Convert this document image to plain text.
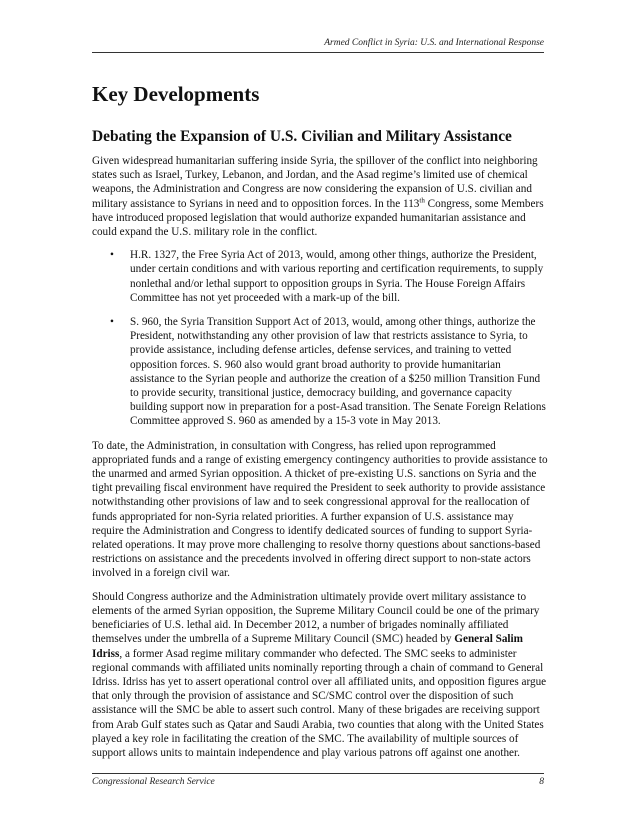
Armed Conflict in Syria: U.S. and International Response
Key Developments
Debating the Expansion of U.S. Civilian and Military Assistance

Given widespread humanitarian suffering inside Syria, the spillover of the conflict into neighboring states such as Israel, Turkey, Lebanon, and Jordan, and the Asad regime’s limited use of chemical weapons, the Administration and Congress are now considering the expansion of U.S. civilian and military assistance to Syrians in need and to opposition forces. In the 113th Congress, some Members have introduced proposed legislation that would authorize expanded humanitarian assistance and could expand the U.S. military role in the conflict.

• H.R. 1327, the Free Syria Act of 2013, would, among other things, authorize the President, under certain conditions and with various reporting and certification requirements, to supply nonlethal and/or lethal support to opposition groups in Syria. The House Foreign Affairs Committee has not yet proceeded with a mark-up of the bill.
• S. 960, the Syria Transition Support Act of 2013, would, among other things, authorize the President, notwithstanding any other provision of law that restricts assistance to Syria, to provide assistance, including defense articles, defense services, and training to vetted opposition forces. S. 960 also would grant broad authority to provide humanitarian assistance to the Syrian people and authorize the creation of a $250 million Transition Fund to provide security, transitional justice, democracy building, and governance capacity building support now in preparation for a post-Asad transition. The Senate Foreign Relations Committee approved S. 960 as amended by a 15-3 vote in May 2013.

To date, the Administration, in consultation with Congress, has relied upon reprogrammed appropriated funds and a range of existing emergency contingency authorities to provide assistance to the unarmed and armed Syrian opposition. A thicket of pre-existing U.S. sanctions on Syria and the tight prevailing fiscal environment have required the President to seek authority to provide assistance notwithstanding other provisions of law and to seek congressional approval for the reallocation of funds appropriated for non-Syria related priorities. A further expansion of U.S. assistance may require the Administration and Congress to identify dedicated sources of funding to support Syria-related operations. It may prove more challenging to resolve thorny questions about sanctions-based restrictions on assistance and the precedents involved in offering direct support to non-state actors involved in a foreign civil war.

Should Congress authorize and the Administration ultimately provide overt military assistance to elements of the armed Syrian opposition, the Supreme Military Council could be one of the primary beneficiaries of U.S. lethal aid. In December 2012, a number of brigades nominally affiliated themselves under the umbrella of a Supreme Military Council (SMC) headed by General Salim Idriss, a former Asad regime military commander who defected. The SMC seeks to administer regional commands with affiliated units nominally reporting through a chain of command to General Idriss. Idriss has yet to assert operational control over all affiliated units, and opposition figures argue that only through the provision of assistance and SC/SMC control over the disposition of such assistance will the SMC be able to assert such control. Many of these brigades are receiving support from Arab Gulf states such as Qatar and Saudi Arabia, two counties that along with the United States played a key role in facilitating the creation of the SMC. The availability of multiple sources of support allows units to maintain independence and play various patrons off against one another.

Congressional Research Service	8
